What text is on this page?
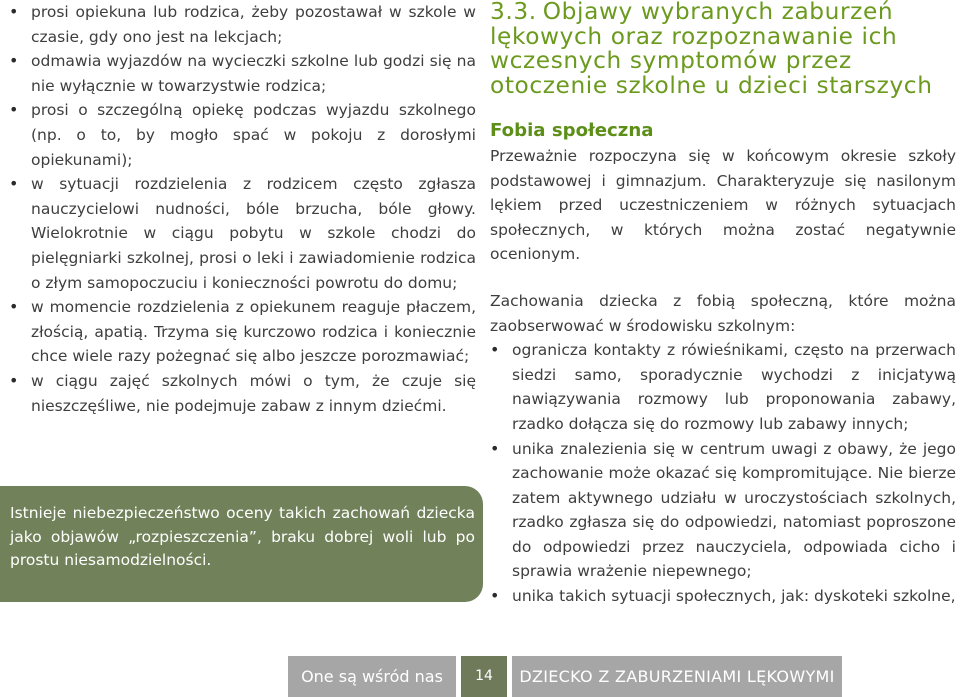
• prosi opiekuna lub rodzica, żeby pozostawał w szkole w czasie, gdy ono jest na lekcjach;
• odmawia wyjazdów na wycieczki szkolne lub godzi się na nie wyłącznie w towarzystwie rodzica;
• prosi o szczególną opiekę podczas wyjazdu szkolnego (np. o to, by mogło spać w pokoju z dorosłymi opiekunami);
• w sytuacji rozdzielenia z rodzicem często zgłasza nauczycielowi nudności, bóle brzucha, bóle głowy. Wielokrotnie w ciągu pobytu w szkole chodzi do pielęgniarki szkolnej, prosi o leki i zawiadomienie rodzica o złym samopoczuciu i konieczności powrotu do domu;
• w momencie rozdzielenia z opiekunem reaguje płaczem, złością, apatią. Trzyma się kurczowo rodzica i koniecznie chce wiele razy pożegnać się albo jeszcze porozmawiać;
• w ciągu zajęć szkolnych mówi o tym, że czuje się nieszczęśliwe, nie podejmuje zabaw z innym dziećmi.
Istnieje niebezpieczeństwo oceny takich zachowań dziecka jako objawów „rozpieszczenia”, braku dobrej woli lub po prostu niesamodzielności.
3.3. Objawy wybranych zaburzeń lękowych oraz rozpoznawanie ich wczesnych symptomów przez otoczenie szkolne u dzieci starszych
Fobia społeczna

Przeważnie rozpoczyna się w końcowym okresie szkoły podstawowej i gimnazjum. Charakteryzuje się nasilonym lękiem przed uczestniczeniem w różnych sytuacjach społecznych, w których można zostać negatywnie ocenionym.

Zachowania dziecka z fobią społeczną, które można zaobserwować w środowisku szkolnym:

• ogranicza kontakty z rówieśnikami, często na przerwach siedzi samo, sporadycznie wychodzi z inicjatywą nawiązywania rozmowy lub proponowania zabawy, rzadko dołącza się do rozmowy lub zabawy innych;
• unika znalezienia się w centrum uwagi z obawy, że jego zachowanie może okazać się kompromitujące. Nie bierze zatem aktywnego udziału w uroczystościach szkolnych, rzadko zgłasza się do odpowiedzi, natomiast poproszone do odpowiedzi przez nauczyciela, odpowiada cicho i sprawia wrażenie niepewnego;
• unika takich sytuacji społecznych, jak: dyskoteki szkolne,
One są wśród nas	14	DZIECKO Z ZABURZENIAMI LĘKOWYMI
